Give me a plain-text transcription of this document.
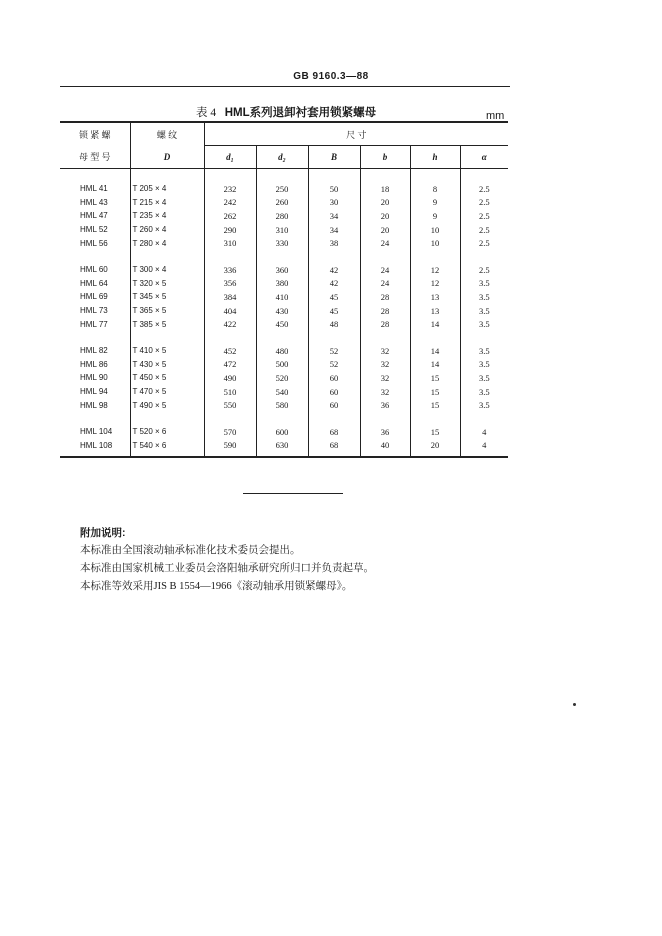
GB 9160.3—88
表 4 HML系列退卸衬套用锁紧螺母	mm
锁 紧 螺	螺 纹	尺 寸					
母 型 号	D	d₁	d₂	B	b	h	α

HML 41	T 205 × 4	232	250	50	18	8	2.5
HML 43	T 215 × 4	242	260	30	20	9	2.5
HML 47	T 235 × 4	262	280	34	20	9	2.5
HML 52	T 260 × 4	290	310	34	20	10	2.5
HML 56	T 280 × 4	310	330	38	24	10	2.5

HML 60	T 300 × 4	336	360	42	24	12	2.5
HML 64	T 320 × 5	356	380	42	24	12	3.5
HML 69	T 345 × 5	384	410	45	28	13	3.5
HML 73	T 365 × 5	404	430	45	28	13	3.5
HML 77	T 385 × 5	422	450	48	28	14	3.5

HML 82	T 410 × 5	452	480	52	32	14	3.5
HML 86	T 430 × 5	472	500	52	32	14	3.5
HML 90	T 450 × 5	490	520	60	32	15	3.5
HML 94	T 470 × 5	510	540	60	32	15	3.5
HML 98	T 490 × 5	550	580	60	36	15	3.5

HML 104	T 520 × 6	570	600	68	36	15	4
HML 108	T 540 × 6	590	630	68	40	20	4

附加说明:
本标准由全国滚动轴承标准化技术委员会提出。
本标准由国家机械工业委员会洛阳轴承研究所归口并负责起草。
本标准等效采用JIS B 1554—1966《滚动轴承用锁紧螺母》。
